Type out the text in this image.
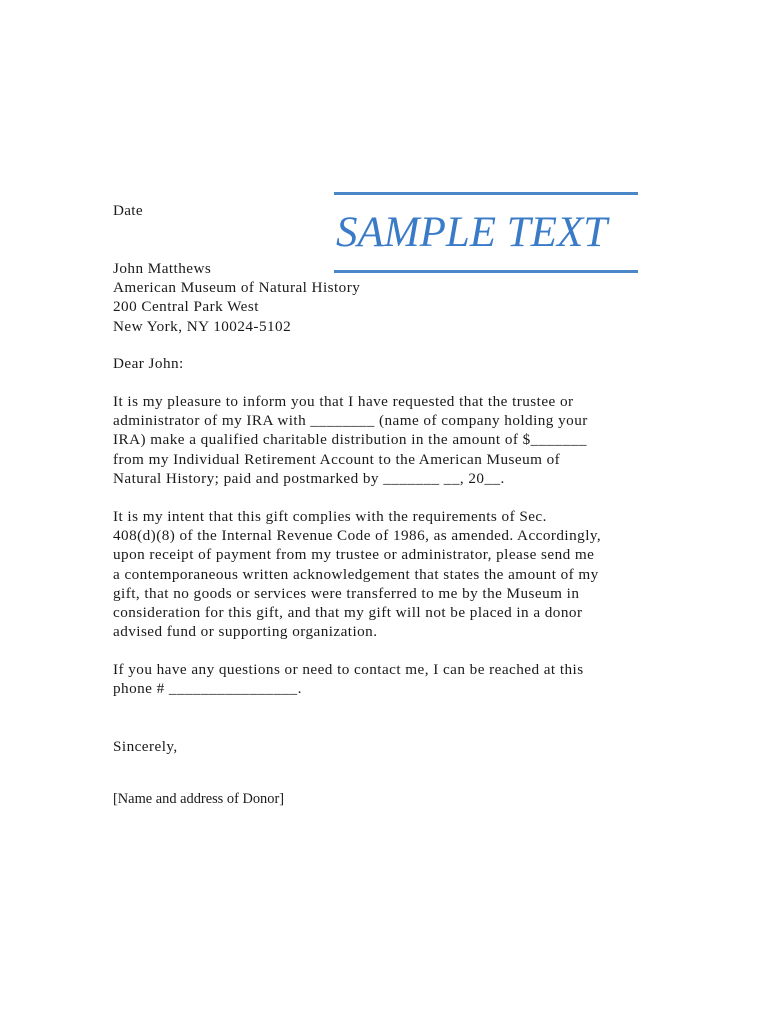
Date	SAMPLE TEXT
John Matthews
American Museum of Natural History
200 Central Park West
New York, NY 10024-5102
Dear John:
It is my pleasure to inform you that I have requested that the trustee or
administrator of my IRA with ________ (name of company holding your
IRA) make a qualified charitable distribution in the amount of $_______
from my Individual Retirement Account to the American Museum of
Natural History; paid and postmarked by _______ __, 20__.
It is my intent that this gift complies with the requirements of Sec.
408(d)(8) of the Internal Revenue Code of 1986, as amended. Accordingly,
upon receipt of payment from my trustee or administrator, please send me
a contemporaneous written acknowledgement that states the amount of my
gift, that no goods or services were transferred to me by the Museum in
consideration for this gift, and that my gift will not be placed in a donor
advised fund or supporting organization.
If you have any questions or need to contact me, I can be reached at this
phone # ________________.
Sincerely,
[Name and address of Donor]
